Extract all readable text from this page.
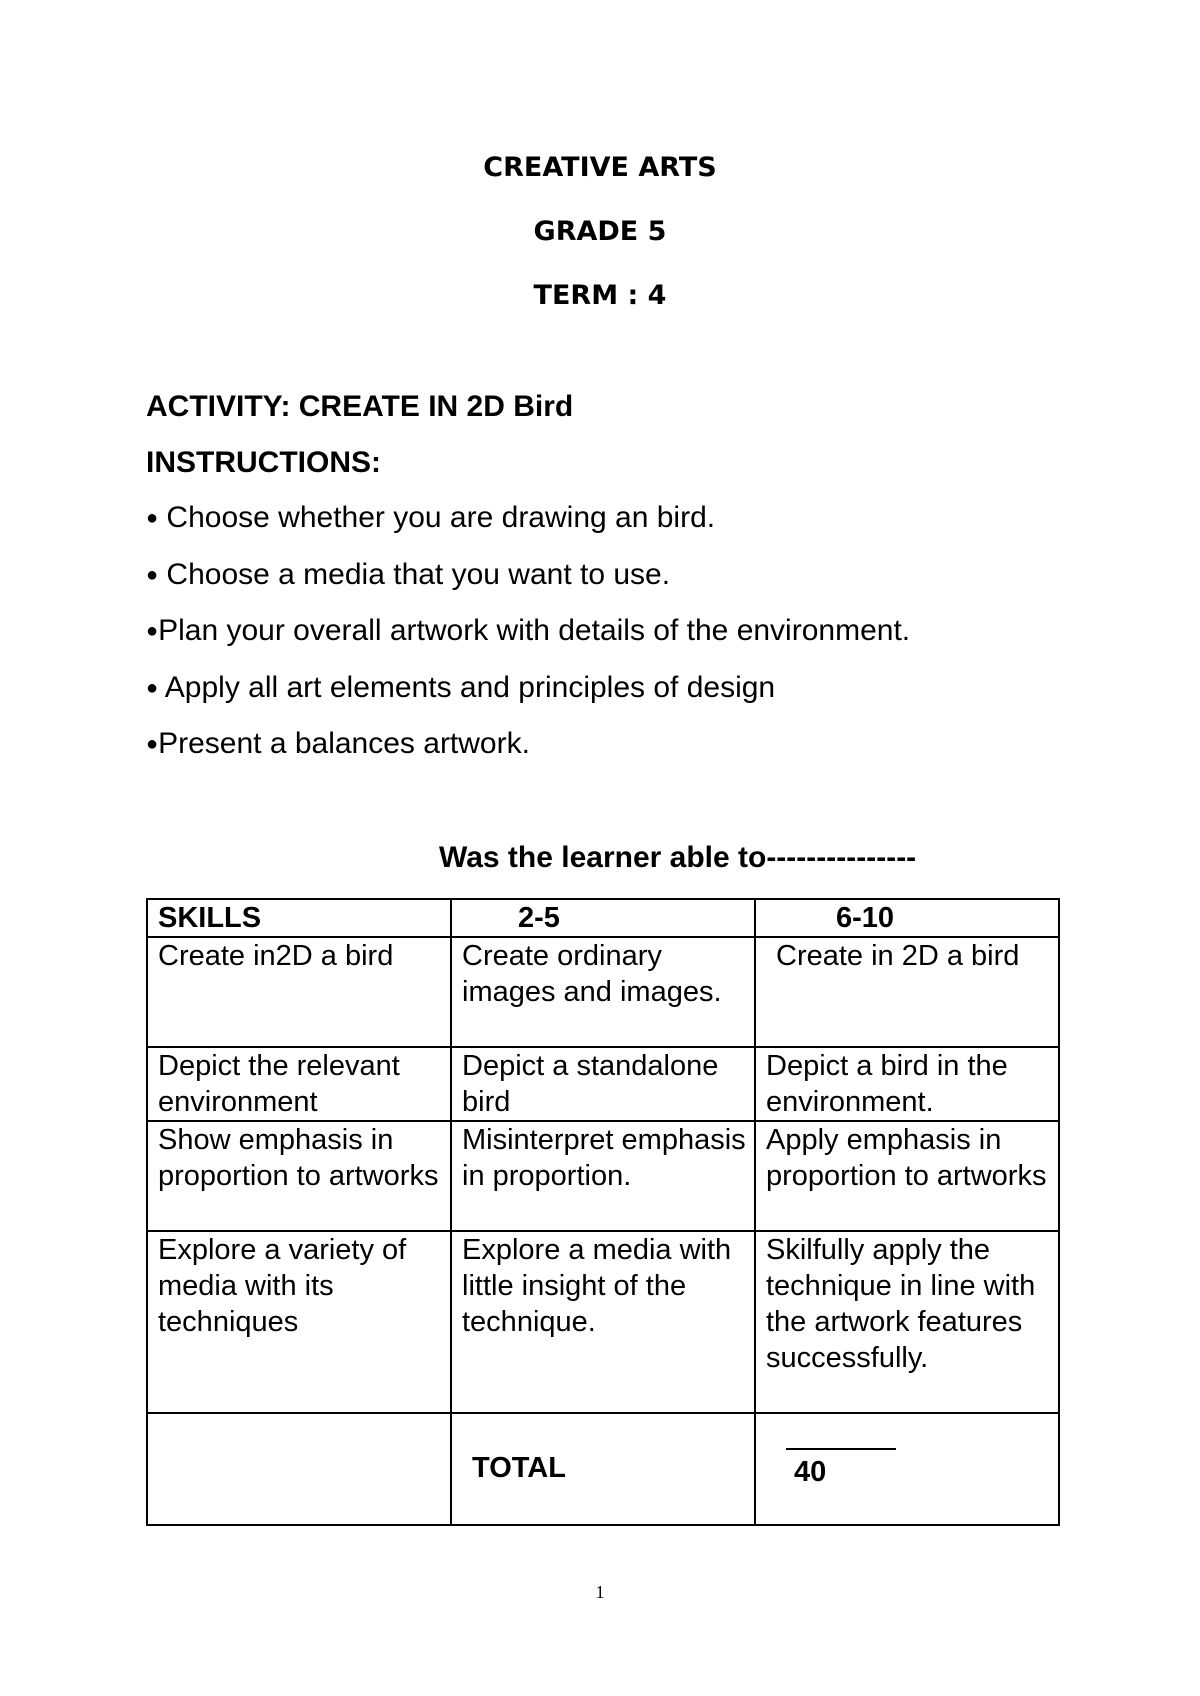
CREATIVE ARTS
GRADE 5
TERM : 4
ACTIVITY: CREATE IN 2D Bird
INSTRUCTIONS:
● Choose whether you are drawing an bird.
● Choose a media that you want to use.
●Plan your overall artwork with details of the environment.
● Apply all art elements and principles of design
●Present a balances artwork.
Was the learner able to---------------
SKILLS	2-5	6-10
Create in2D a bird	Create ordinary images and images.	Create in 2D a bird
Depict the relevant environment	Depict a standalone bird	Depict a bird in the environment.
Show emphasis in proportion to artworks	Misinterpret emphasis in proportion.	Apply emphasis in proportion to artworks
Explore a variety of media with its techniques	Explore a media with little insight of the technique.	Skilfully apply the technique in line with the artwork features successfully.

	TOTAL	40
1
